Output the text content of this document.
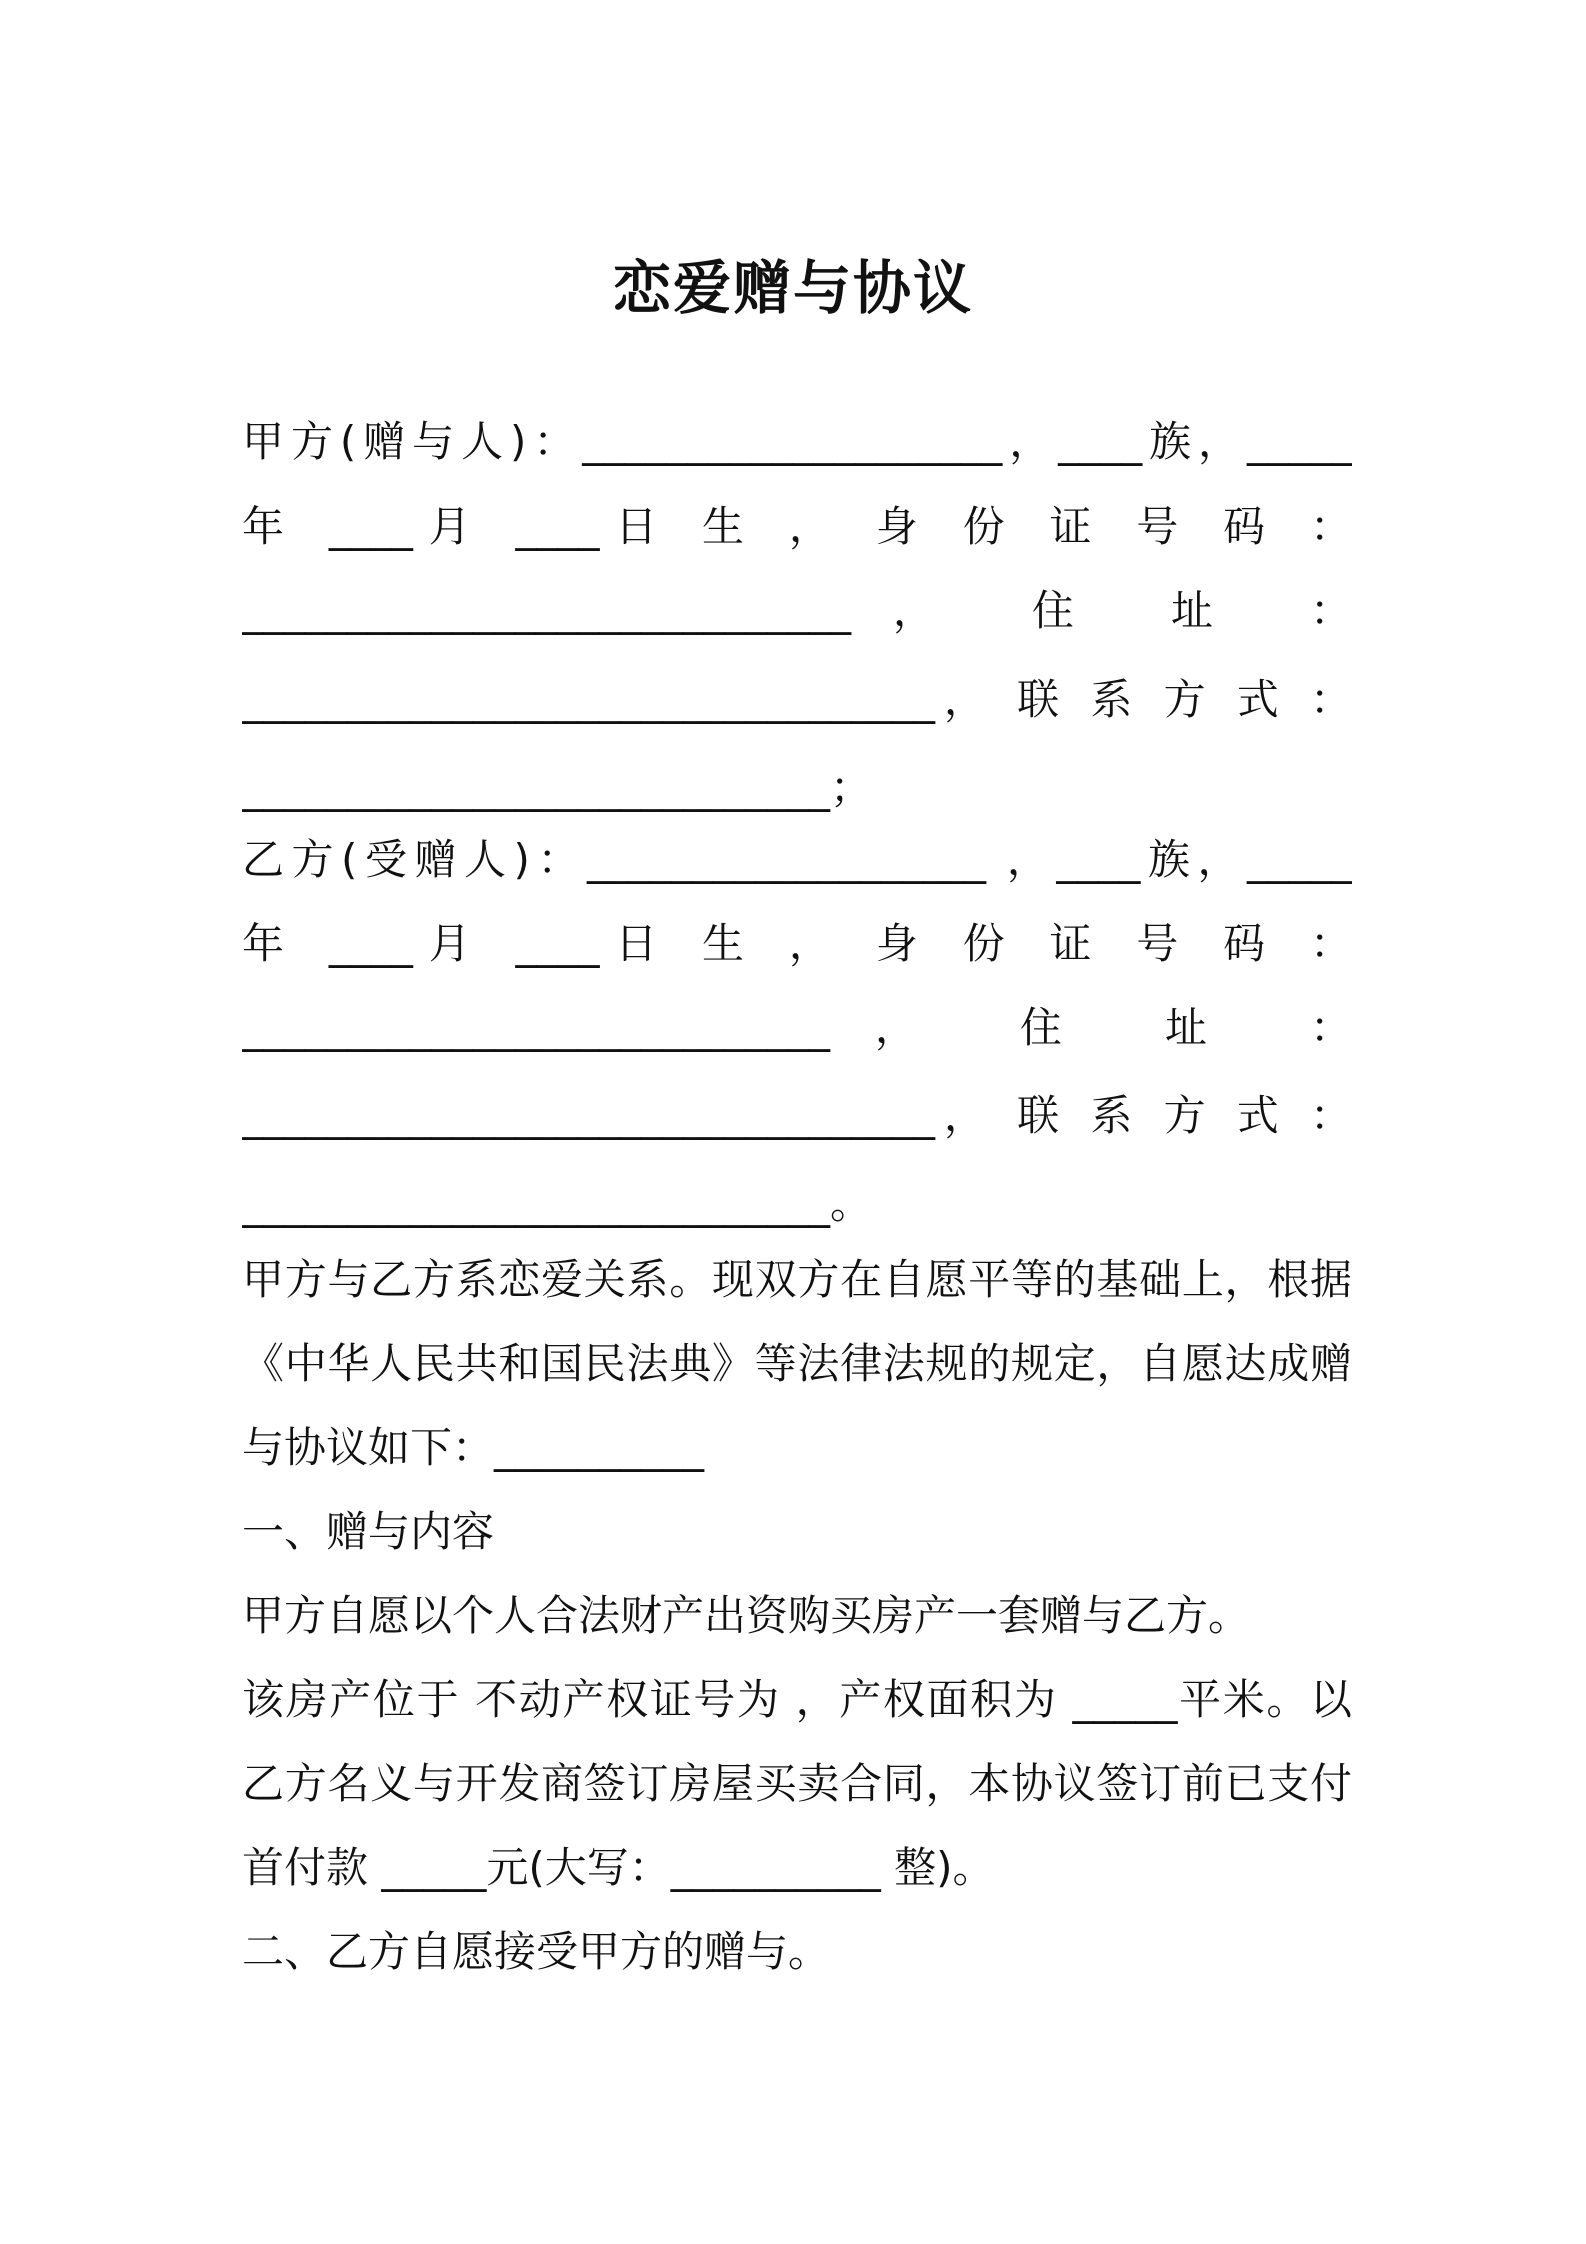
恋爱赠与协议
甲方(赠与人)：____________________，____族，_____
年 ____月 ____日 生 ， 身 份 证 号 码 ：
_____________________________， 住 址 ：
_________________________________， 联 系 方 式 ：
____________________________；
乙方(受赠人)：___________________ ，____族，_____
年 ____月 ____日 生 ， 身 份 证 号 码 ：
____________________________， 住 址 ：
_________________________________， 联 系 方 式 ：
____________________________。
甲方与乙方系恋爱关系。现双方在自愿平等的基础上，根据
《中华人民共和国民法典》等法律法规的规定，自愿达成赠
与协议如下：__________
一、赠与内容
甲方自愿以个人合法财产出资购买房产一套赠与乙方。
该房产位于 不动产权证号为 ，产权面积为 _____平米。以
乙方名义与开发商签订房屋买卖合同，本协议签订前已支付
首付款 _____元(大写：__________ 整)。
二、乙方自愿接受甲方的赠与。
